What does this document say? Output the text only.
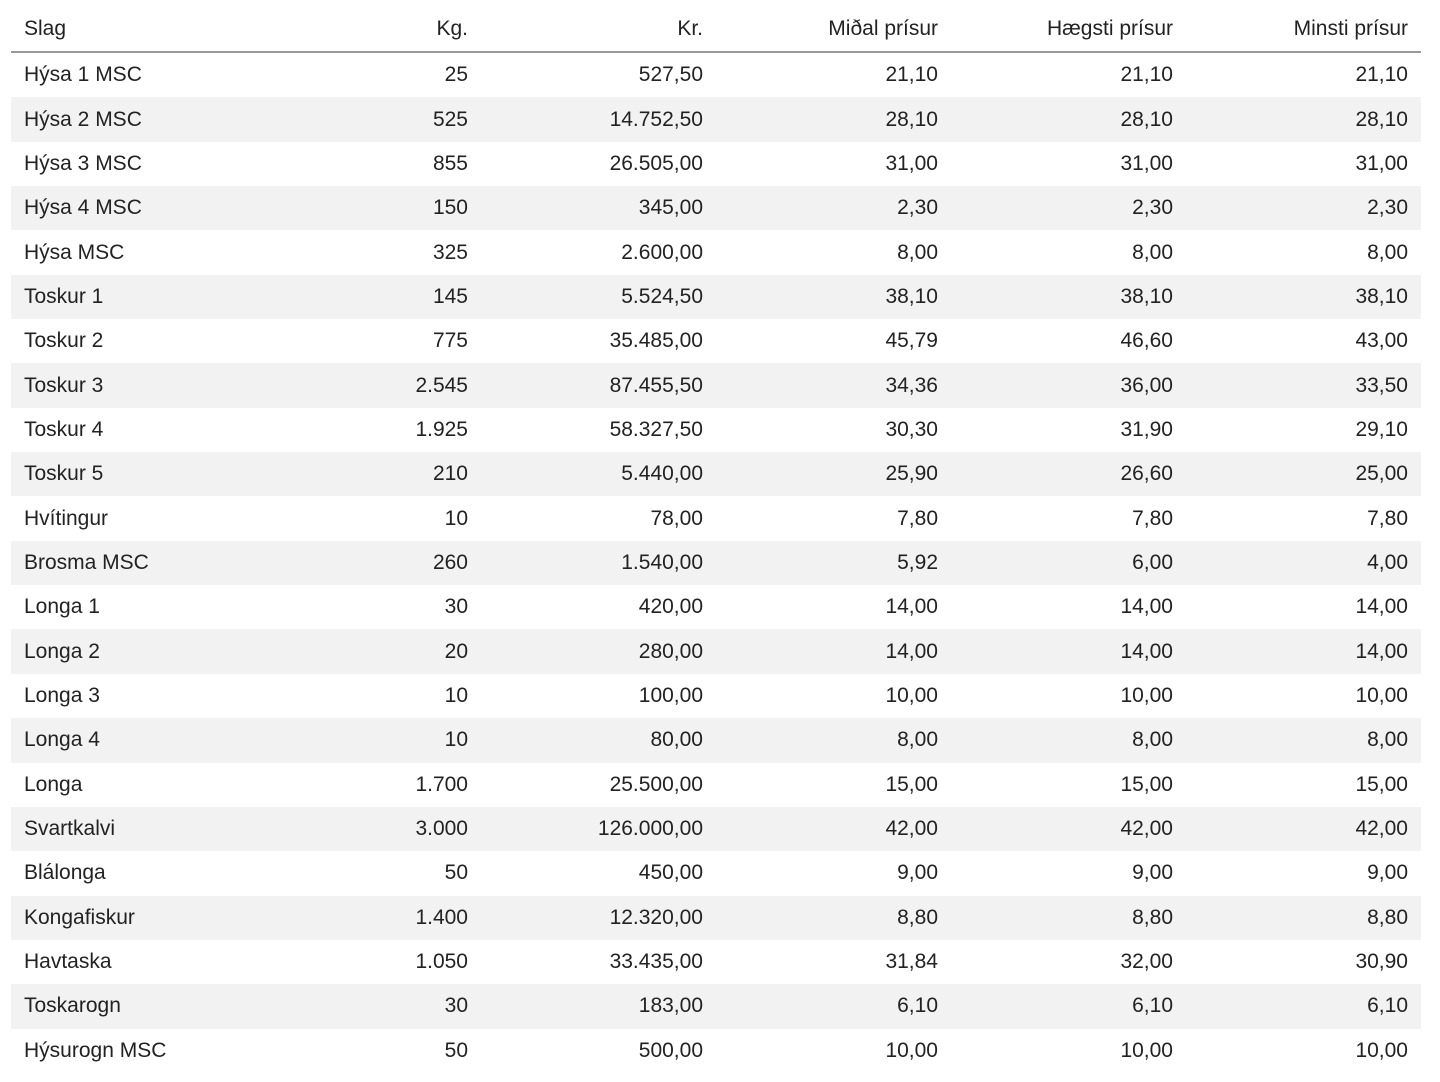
Slag	Kg.	Kr.	Miðal prísur	Hægsti prísur	Minsti prísur
Hýsa 1 MSC	25	527,50	21,10	21,10	21,10
Hýsa 2 MSC	525	14.752,50	28,10	28,10	28,10
Hýsa 3 MSC	855	26.505,00	31,00	31,00	31,00
Hýsa 4 MSC	150	345,00	2,30	2,30	2,30
Hýsa MSC	325	2.600,00	8,00	8,00	8,00
Toskur 1	145	5.524,50	38,10	38,10	38,10
Toskur 2	775	35.485,00	45,79	46,60	43,00
Toskur 3	2.545	87.455,50	34,36	36,00	33,50
Toskur 4	1.925	58.327,50	30,30	31,90	29,10
Toskur 5	210	5.440,00	25,90	26,60	25,00
Hvítingur	10	78,00	7,80	7,80	7,80
Brosma MSC	260	1.540,00	5,92	6,00	4,00
Longa 1	30	420,00	14,00	14,00	14,00
Longa 2	20	280,00	14,00	14,00	14,00
Longa 3	10	100,00	10,00	10,00	10,00
Longa 4	10	80,00	8,00	8,00	8,00
Longa	1.700	25.500,00	15,00	15,00	15,00
Svartkalvi	3.000	126.000,00	42,00	42,00	42,00
Blálonga	50	450,00	9,00	9,00	9,00
Kongafiskur	1.400	12.320,00	8,80	8,80	8,80
Havtaska	1.050	33.435,00	31,84	32,00	30,90
Toskarogn	30	183,00	6,10	6,10	6,10
Hýsurogn MSC	50	500,00	10,00	10,00	10,00
